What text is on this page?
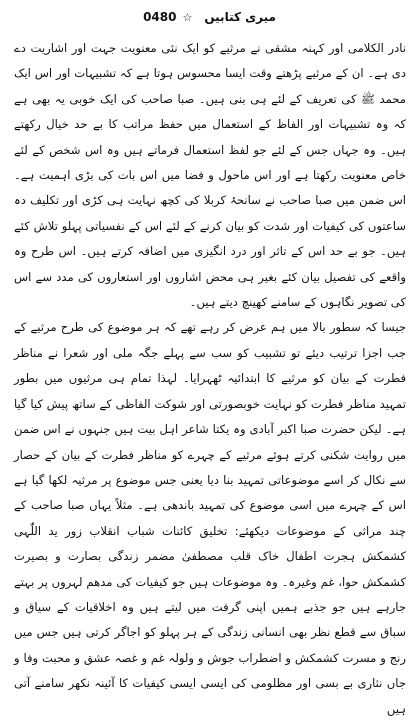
میری کتابیں
☆
0480

نادر الکلامی اور کہنہ مشقی نے مرثیے کو ایک نئی معنویت جہت اور اشاریت دے دی ہے۔ ان کے مرثیے پڑھتے وقت ایسا محسوس ہوتا ہے کہ تشبیہات اور اس ایک محمد ﷺ کی تعریف کے لئے ہی بنی ہیں۔ صبا صاحب کی ایک خوبی یہ بھی ہے کہ وہ تشبیہات اور الفاظ کے استعمال میں حفظ مراتب کا بے حد خیال رکھتے ہیں۔ وہ جہاں جس کے لئے جو لفظ استعمال فرماتے ہیں وہ اس شخص کے لئے خاص معنویت رکھتا ہے اور اس ماحول و فضا میں اس بات کی بڑی اہمیت ہے۔ اس ضمن میں صبا صاحب نے سانحۂ کربلا کی کچھ نہایت ہی کڑی اور تکلیف دہ ساعتوں کی کیفیات اور شدت کو بیان کرنے کے لئے اس کے نفسیاتی پہلو تلاش کئے ہیں۔ جو بے حد اس کے تاثر اور درد انگیزی میں اضافہ کرتے ہیں۔ اس طرح وہ واقعے کی تفصیل بیان کئے بغیر ہی محض اشاروں اور استعاروں کی مدد سے اس کی تصویر نگاہوں کے سامنے کھینچ دیتے ہیں۔

جیسا کہ سطور بالا میں ہم عرض کر رہے تھے کہ ہر موضوع کی طرح مرثیے کے جب اجزا ترتیب دیئے تو تشبیب کو سب سے پہلے جگہ ملی اور شعرا نے مناظر فطرت کے بیان کو مرثیے کا ابتدائیہ ٹھہرایا۔ لہذا تمام ہی مرثیوں میں بطور تمہید مناظر فطرت کو نہایت خوبصورتی اور شوکت الفاظی کے ساتھ پیش کیا گیا ہے۔ لیکن حضرت صبا اکبر آبادی وہ یکتا شاعر اہل بیت ہیں جنہوں نے اس ضمن میں روایت شکنی کرتے ہوئے مرثیے کے چہرے کو مناظر فطرت کے بیان کے حصار سے نکال کر اسے موضوعاتی تمہید بنا دیا یعنی جس موضوع پر مرثیہ لکھا گیا ہے اس کے چہرے میں اسی موضوع کی تمہید باندھی ہے۔ مثلاً یہاں صبا صاحب کے چند مراثی کے موضوعات دیکھئے: تخلیق کائنات شباب انقلاب زور ید اللّٰہی کشمکش ہجرت اطفال خاک قلب مصطفیٰ مضمر زندگی بصارت و بصیرت کشمکش حوا، غم وغیرہ۔ وہ موضوعات ہیں جو کیفیات کی مدھم لہروں پر بہتے جارہے ہیں جو جذبے ہمیں اپنی گرفت میں لیتے ہیں وہ اخلاقیات کے سیاق و سباق سے قطع نظر بھی انسانی زندگی کے ہر پہلو کو اجاگر کرتی ہیں جس میں رنج و مسرت کشمکش و اضطراب جوش و ولولہ غم و غصہ عشق و محبت وفا و جاں نثاری بے بسی اور مظلومی کی ایسی ایسی کیفیات کا آئینہ نکھر سامنے آتی ہیں
